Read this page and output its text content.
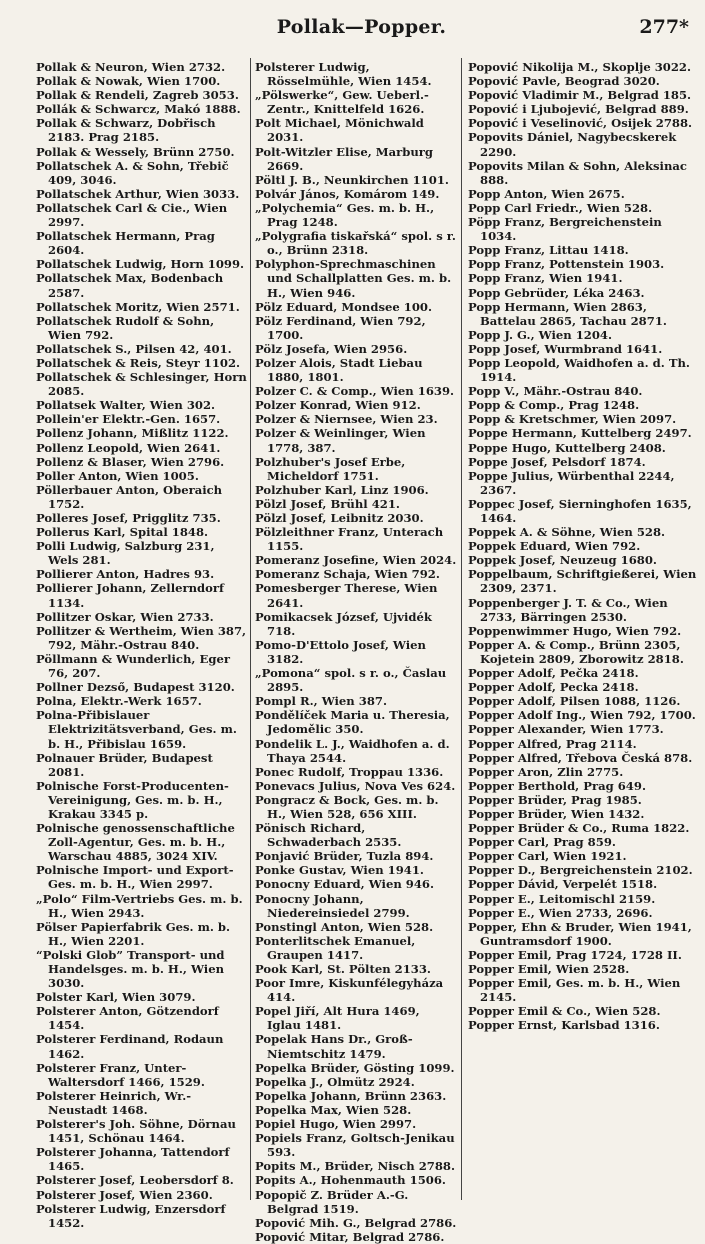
Pollak—Popper.	277*

Pollak & Neuron, Wien 2732.

Pollak & Nowak, Wien 1700.

Pollak & Rendeli, Zagreb 3053.

Pollák & Schwarcz, Makó 1888.

Pollak & Schwarz, Dobřisch 2183. Prag 2185.

Pollak & Wessely, Brünn 2750.

Pollatschek A. & Sohn, Třebič 409, 3046.

Pollatschek Arthur, Wien 3033.

Pollatschek Carl & Cie., Wien 2997.

Pollatschek Hermann, Prag 2604.

Pollatschek Ludwig, Horn 1099.

Pollatschek Max, Bodenbach 2587.

Pollatschek Moritz, Wien 2571.

Pollatschek Rudolf & Sohn, Wien 792.

Pollatschek S., Pilsen 42, 401.

Pollatschek & Reis, Steyr 1102.

Pollatschek & Schlesinger, Horn 2085.

Pollatsek Walter, Wien 302.

Pollein'er Elektr.-Gen. 1657.

Pollenz Johann, Mißlitz 1122.

Pollenz Leopold, Wien 2641.

Pollenz & Blaser, Wien 2796.

Poller Anton, Wien 1005.

Pöllerbauer Anton, Oberaich 1752.

Polleres Josef, Prigglitz 735.

Pollerus Karl, Spital 1848.

Polli Ludwig, Salzburg 231, Wels 281.

Pollierer Anton, Hadres 93.

Pollierer Johann, Zellerndorf 1134.

Pollitzer Oskar, Wien 2733.

Pollitzer & Wertheim, Wien 387, 792, Mähr.-Ostrau 840.

Pöllmann & Wunderlich, Eger 76, 207.

Pollner Dezső, Budapest 3120.

Polna, Elektr.-Werk 1657.

Polna-Přibislauer Elektrizitätsverband, Ges. m. b. H., Přibislau 1659.

Polnauer Brüder, Budapest 2081.

Polnische Forst-Producenten-Vereinigung, Ges. m. b. H., Krakau 3345 p.

Polnische genossenschaftliche Zoll-Agentur, Ges. m. b. H., Warschau 4885, 3024 XIV.

Polnische Import- und Export-Ges. m. b. H., Wien 2997.

„Polo“ Film-Vertriebs Ges. m. b. H., Wien 2943.

Pölser Papierfabrik Ges. m. b. H., Wien 2201.

“Polski Glob” Transport- und Handelsges. m. b. H., Wien 3030.

Polster Karl, Wien 3079.

Polsterer Anton, Götzendorf 1454.

Polsterer Ferdinand, Rodaun 1462.

Polsterer Franz, Unter-Waltersdorf 1466, 1529.

Polsterer Heinrich, Wr.-Neustadt 1468.

Polsterer's Joh. Söhne, Dörnau 1451, Schönau 1464.

Polsterer Johanna, Tattendorf 1465.

Polsterer Josef, Leobersdorf 8.

Polsterer Josef, Wien 2360.

Polsterer Ludwig, Enzersdorf 1452.

Polsterer Ludwig, Rösselmühle, Wien 1454.

„Pölswerke“, Gew. Ueberl.-Zentr., Knittelfeld 1626.

Polt Michael, Mönichwald 2031.

Polt-Witzler Elise, Marburg 2669.

Pöltl J. B., Neunkirchen 1101.

Polvár János, Komárom 149.

„Polychemia“ Ges. m. b. H., Prag 1248.

„Polygrafia tiskařská“ spol. s r. o., Brünn 2318.

Polyphon-Sprechmaschinen und Schallplatten Ges. m. b. H., Wien 946.

Pölz Eduard, Mondsee 100.

Pölz Ferdinand, Wien 792, 1700.

Pölz Josefa, Wien 2956.

Polzer Alois, Stadt Liebau 1880, 1801.

Polzer C. & Comp., Wien 1639.

Polzer Konrad, Wien 912.

Polzer & Niernsee, Wien 23.

Polzer & Weinlinger, Wien 1778, 387.

Polzhuber's Josef Erbe, Micheldorf 1751.

Polzhuber Karl, Linz 1906.

Pölzl Josef, Brühl 421.

Pölzl Josef, Leibnitz 2030.

Pölzleithner Franz, Unterach 1155.

Pomeranz Josefine, Wien 2024.

Pomeranz Schaja, Wien 792.

Pomesberger Therese, Wien 2641.

Pomikacsek József, Ujvidék 718.

Pomo-D'Ettolo Josef, Wien 3182.

„Pomona“ spol. s r. o., Časlau 2895.

Pompl R., Wien 387.

Pondělíček Maria u. Theresia, Jedomělic 350.

Pondelik L. J., Waidhofen a. d. Thaya 2544.

Ponec Rudolf, Troppau 1336.

Ponevacs Julius, Nova Ves 624.

Pongracz & Bock, Ges. m. b. H., Wien 528, 656 XIII.

Pönisch Richard, Schwaderbach 2535.

Ponjavić Brüder, Tuzla 894.

Ponke Gustav, Wien 1941.

Ponocny Eduard, Wien 946.

Ponocny Johann, Niedereinsiedel 2799.

Ponstingl Anton, Wien 528.

Ponterlitschek Emanuel, Graupen 1417.

Pook Karl, St. Pölten 2133.

Poor Imre, Kiskunfélegyháza 414.

Popel Jiří, Alt Hura 1469, Iglau 1481.

Popelak Hans Dr., Groß-Niemtschitz 1479.

Popelka Brüder, Gösting 1099.

Popelka J., Olmütz 2924.

Popelka Johann, Brünn 2363.

Popelka Max, Wien 528.

Popiel Hugo, Wien 2997.

Popiels Franz, Goltsch-Jenikau 593.

Popits M., Brüder, Nisch 2788.

Popits A., Hohenmauth 1506.

Popopič Z. Brüder A.-G. Belgrad 1519.

Popović Mih. G., Belgrad 2786.

Popović Mitar, Belgrad 2786.

Popović Nikolija M., Skoplje 3022.

Popović Pavle, Beograd 3020.

Popović Vladimir M., Belgrad 185.

Popović i Ljubojević, Belgrad 889.

Popović i Veselinović, Osijek 2788.

Popovits Dániel, Nagybecskerek 2290.

Popovits Milan & Sohn, Aleksinac 888.

Popp Anton, Wien 2675.

Popp Carl Friedr., Wien 528.

Pöpp Franz, Bergreichenstein 1034.

Popp Franz, Littau 1418.

Popp Franz, Pottenstein 1903.

Popp Franz, Wien 1941.

Popp Gebrüder, Léka 2463.

Popp Hermann, Wien 2863, Battelau 2865, Tachau 2871.

Popp J. G., Wien 1204.

Popp Josef, Wurmbrand 1641.

Popp Leopold, Waidhofen a. d. Th. 1914.

Popp V., Mähr.-Ostrau 840.

Popp & Comp., Prag 1248.

Popp & Kretschmer, Wien 2097.

Poppe Hermann, Kuttelberg 2497.

Poppe Hugo, Kuttelberg 2408.

Poppe Josef, Pelsdorf 1874.

Poppe Julius, Würbenthal 2244, 2367.

Poppec Josef, Sierninghofen 1635, 1464.

Poppek A. & Söhne, Wien 528.

Poppek Eduard, Wien 792.

Poppek Josef, Neuzeug 1680.

Poppelbaum, Schriftgießerei, Wien 2309, 2371.

Poppenberger J. T. & Co., Wien 2733, Bärringen 2530.

Poppenwimmer Hugo, Wien 792.

Popper A. & Comp., Brünn 2305, Kojetein 2809, Zborowitz 2818.

Popper Adolf, Pečka 2418.

Popper Adolf, Pecka 2418.

Popper Adolf, Pilsen 1088, 1126.

Popper Adolf Ing., Wien 792, 1700.

Popper Alexander, Wien 1773.

Popper Alfred, Prag 2114.

Popper Alfred, Třebova Česká 878.

Popper Aron, Zlin 2775.

Popper Berthold, Prag 649.

Popper Brüder, Prag 1985.

Popper Brüder, Wien 1432.

Popper Brüder & Co., Ruma 1822.

Popper Carl, Prag 859.

Popper Carl, Wien 1921.

Popper D., Bergreichenstein 2102.

Popper Dávid, Verpelét 1518.

Popper E., Leitomischl 2159.

Popper E., Wien 2733, 2696.

Popper, Ehn & Bruder, Wien 1941, Guntramsdorf 1900.

Popper Emil, Prag 1724, 1728 II.

Popper Emil, Wien 2528.

Popper Emil, Ges. m. b. H., Wien 2145.

Popper Emil & Co., Wien 528.

Popper Ernst, Karlsbad 1316.
